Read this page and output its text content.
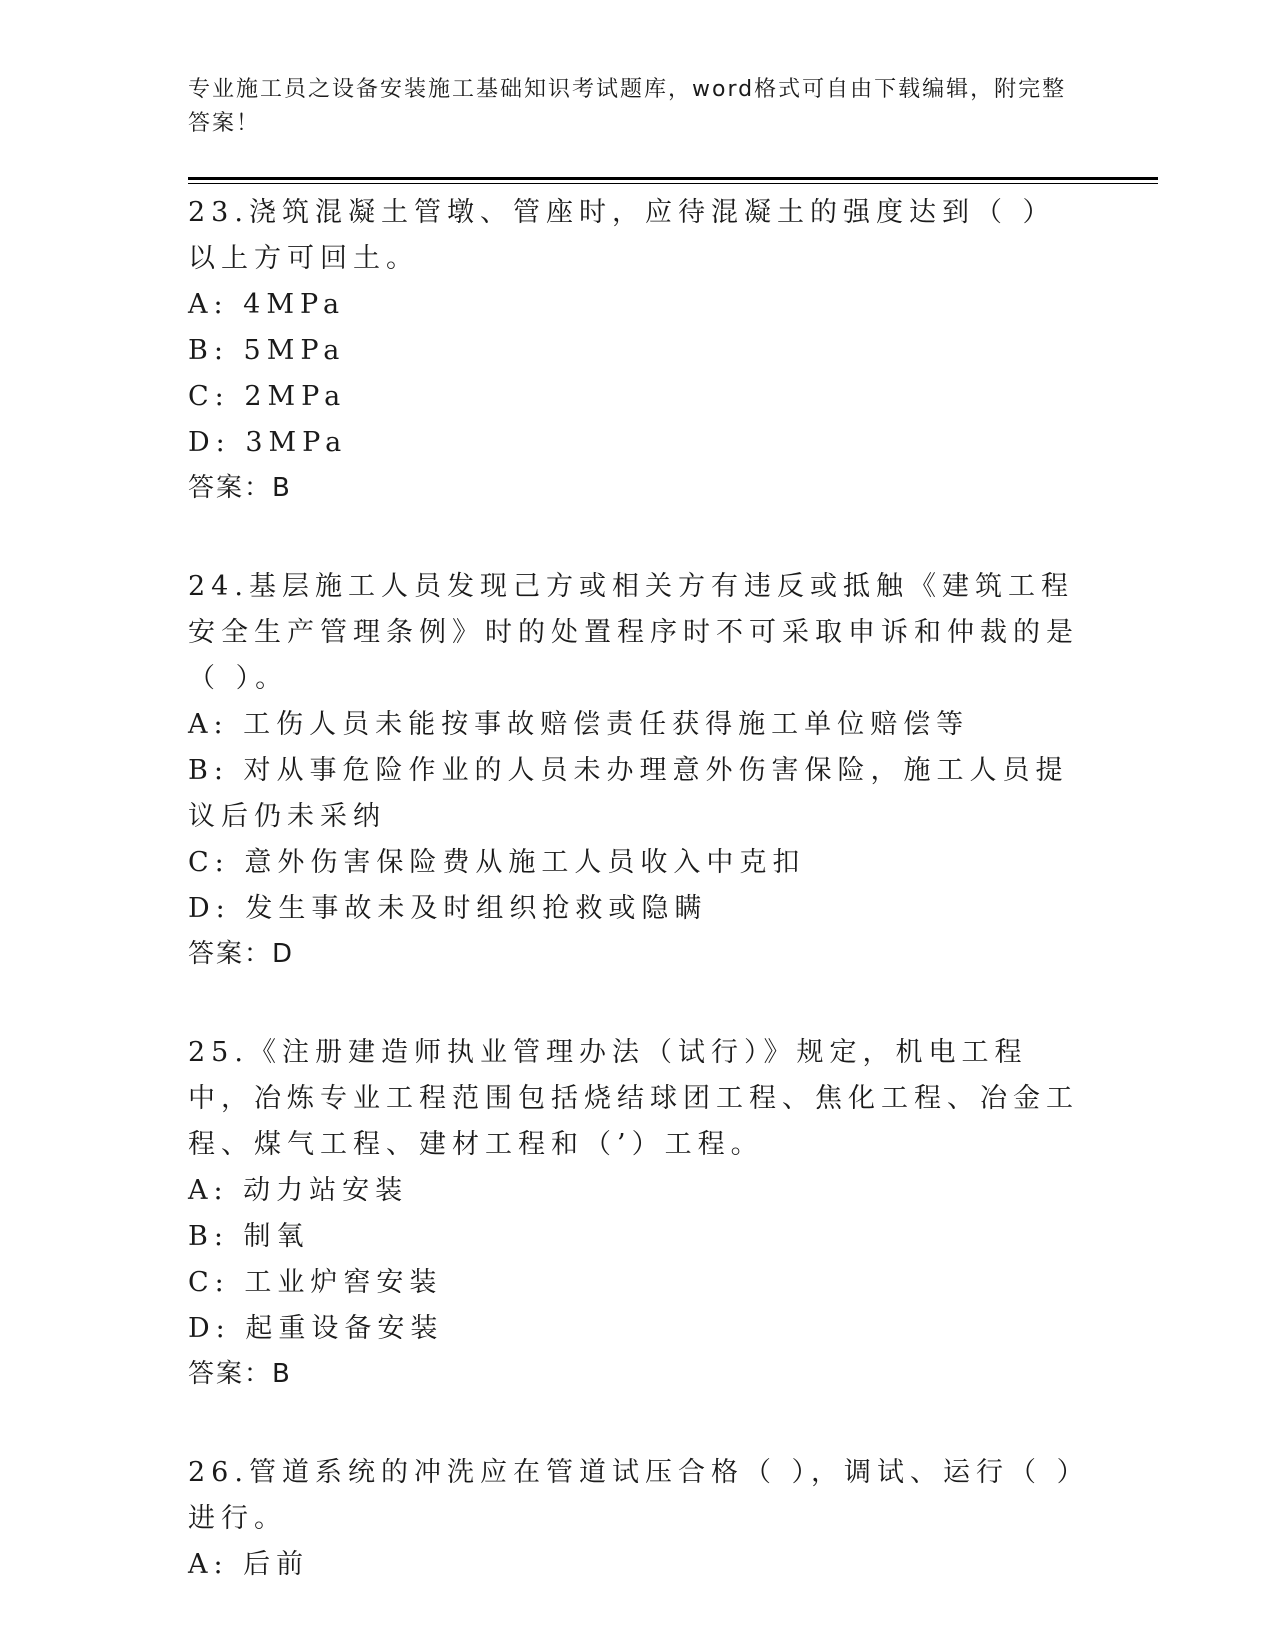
专业施工员之设备安装施工基础知识考试题库，word格式可自由下载编辑，附完整答案！

23.浇筑混凝土管墩、管座时，应待混凝土的强度达到（ ）以上方可回土。

A: 4MPa

B: 5MPa

C: 2MPa

D: 3MPa

答案：B

24.基层施工人员发现己方或相关方有违反或抵触《建筑工程安全生产管理条例》时的处置程序时不可采取申诉和仲裁的是（ ）。

A: 工伤人员未能按事故赔偿责任获得施工单位赔偿等

B: 对从事危险作业的人员未办理意外伤害保险，施工人员提议后仍未采纳

C: 意外伤害保险费从施工人员收入中克扣

D: 发生事故未及时组织抢救或隐瞒

答案：D

25.《注册建造师执业管理办法（试行）》规定，机电工程中，冶炼专业工程范围包括烧结球团工程、焦化工程、冶金工程、煤气工程、建材工程和（’）工程。

A: 动力站安装

B: 制氧

C: 工业炉窖安装

D: 起重设备安装

答案：B

26.管道系统的冲洗应在管道试压合格（ ），调试、运行（ ）进行。

A: 后前
